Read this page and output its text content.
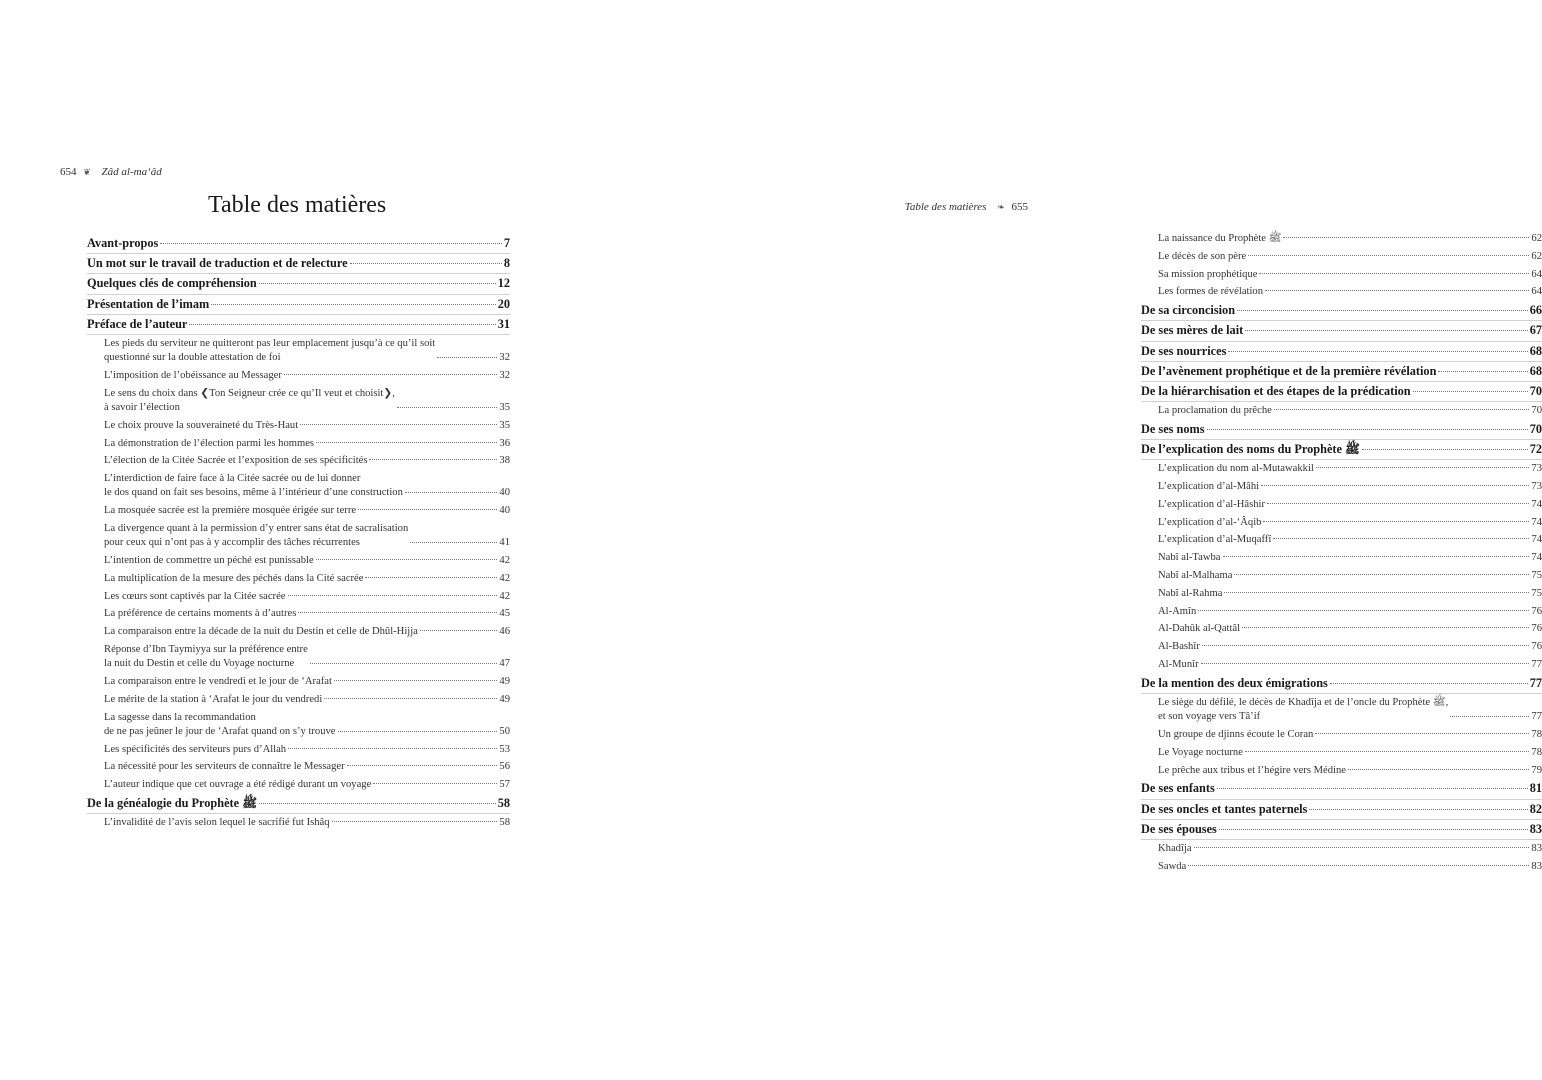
654 ❦ Zâd al-ma‘âd
Table des matières
Avant-propos	7
Un mot sur le travail de traduction et de relecture	8
Quelques clés de compréhension	12
Présentation de l’imam	20
Préface de l’auteur	31
Les pieds du serviteur ne quitteront pas leur emplacement jusqu’à ce qu’il soit
questionné sur la double attestation de foi	32
L’imposition de l’obéissance au Messager	32
Le sens du choix dans ❮Ton Seigneur crée ce qu’Il veut et choisit❯,
à savoir l’élection	35
Le choix prouve la souveraineté du Très-Haut	35
La démonstration de l’élection parmi les hommes	36
L’élection de la Citée Sacrée et l’exposition de ses spécificités	38
L’interdiction de faire face à la Citée sacrée ou de lui donner
le dos quand on fait ses besoins, même à l’intérieur d’une construction	40
La mosquée sacrée est la première mosquée érigée sur terre	40
La divergence quant à la permission d’y entrer sans état de sacralisation
pour ceux qui n’ont pas à y accomplir des tâches récurrentes	41
L’intention de commettre un péché est punissable	42
La multiplication de la mesure des péchés dans la Cité sacrée	42
Les cœurs sont captivés par la Citée sacrée	42
La préférence de certains moments à d’autres	45
La comparaison entre la décade de la nuit du Destin et celle de Dhûl-Hijja	46
Réponse d’Ibn Taymiyya sur la préférence entre
la nuit du Destin et celle du Voyage nocturne	47
La comparaison entre le vendredi et le jour de ‘Arafat	49
Le mérite de la station à ‘Arafat le jour du vendredi	49
La sagesse dans la recommandation
de ne pas jeûner le jour de ‘Arafat quand on s’y trouve	50
Les spécificités des serviteurs purs d’Allah	53
La nécessité pour les serviteurs de connaître le Messager	56
L’auteur indique que cet ouvrage a été rédigé durant un voyage	57
De la généalogie du Prophète ﷺ	58
L’invalidité de l’avis selon lequel le sacrifié fut Ishâq	58
Table des matières ❧ 655
La naissance du Prophète ﷺ	62
Le décès de son père	62
Sa mission prophétique	64
Les formes de révélation	64
De sa circoncision	66
De ses mères de lait	67
De ses nourrices	68
De l’avènement prophétique et de la première révélation	68
De la hiérarchisation et des étapes de la prédication	70
La proclamation du prêche	70
De ses noms	70
De l’explication des noms du Prophète ﷺ	72
L’explication du nom al-Mutawakkil	73
L’explication d’al-Mâhi	73
L’explication d’al-Hâshir	74
L’explication d’al-‘Âqib	74
L’explication d’al-Muqaffî	74
Nabî al-Tawba	74
Nabî al-Malhama	75
Nabî al-Rahma	75
Al-Amîn	76
Al-Dahûk al-Qattâl	76
Al-Bashîr	76
Al-Munîr	77
De la mention des deux émigrations	77
Le siège du défilé, le décès de Khadîja et de l’oncle du Prophète ﷺ,
et son voyage vers Tâ’if	77
Un groupe de djinns écoute le Coran	78
Le Voyage nocturne	78
Le prêche aux tribus et l’hégire vers Médine	79
De ses enfants	81
De ses oncles et tantes paternels	82
De ses épouses	83
Khadîja	83
Sawda	83
